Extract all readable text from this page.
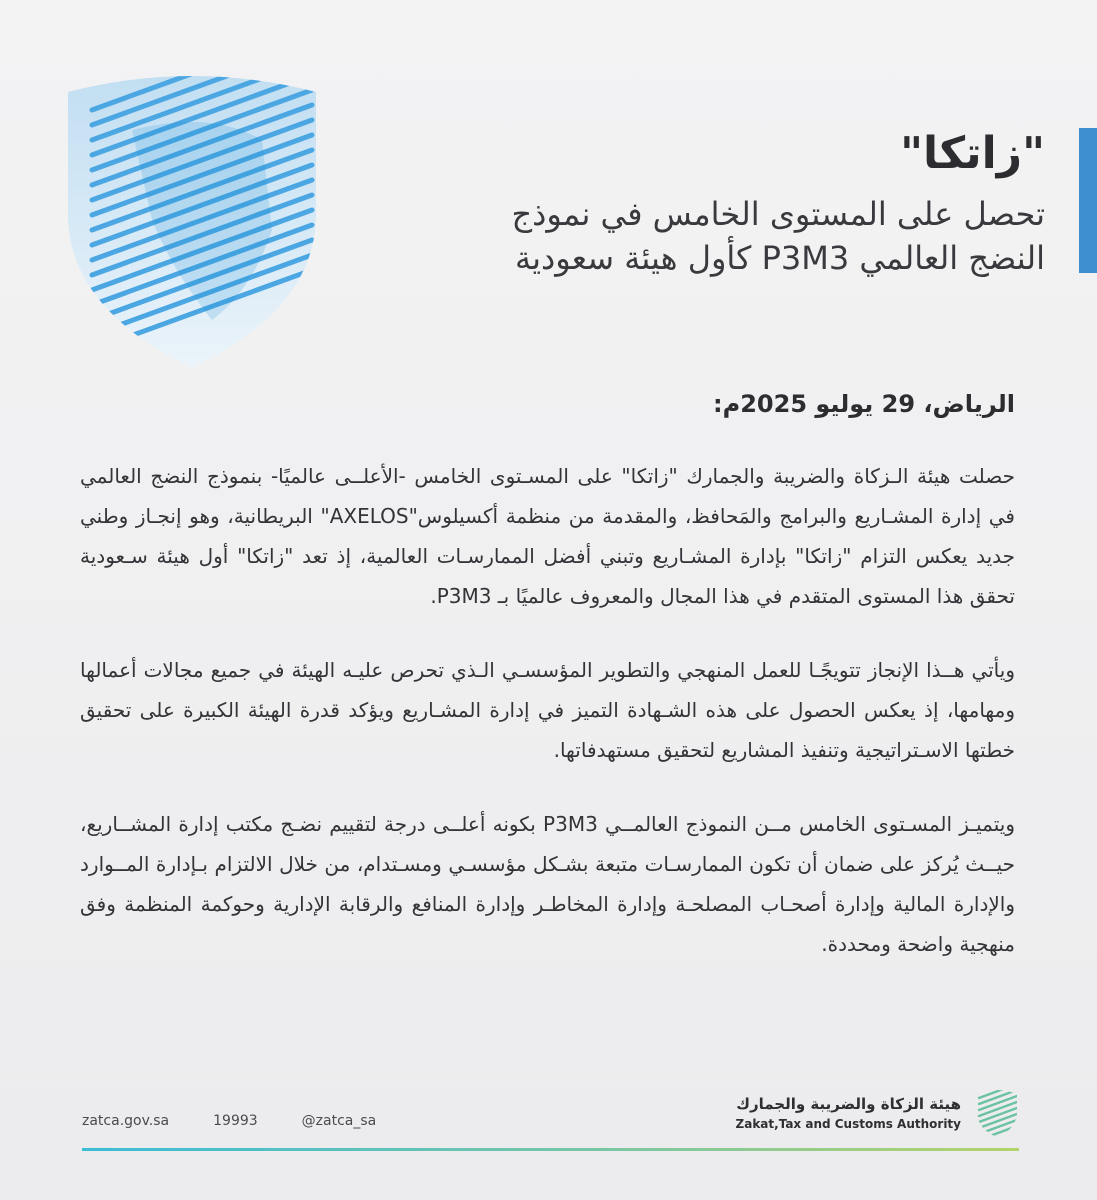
"زاتكا"

تحصل على المستوى الخامس في نموذج

النضج العالمي P3M3 كأول هيئة سعودية

الرياض، 29 يوليو 2025م:

حصلت هيئة الـزكاة والضريبة والجمارك "زاتكا" على المسـتوى الخامس -الأعلــى عالميًا- بنموذج النضج العالمي في إدارة المشـاريع والبرامج والمَحافظ، والمقدمة من منظمة أكسيلوس"AXELOS" البريطانية، وهو إنجـاز وطني جديد يعكس التزام "زاتكا" بإدارة المشـاريع وتبني أفضل الممارسـات العالمية، إذ تعد "زاتكا" أول هيئة سـعودية تحقق هذا المستوى المتقدم في هذا المجال والمعروف عالميًا بـ P3M3.

ويأتي هــذا الإنجاز تتويجًـا للعمل المنهجي والتطوير المؤسسـي الـذي تحرص عليـه الهيئة في جميع مجالات أعمالها ومهامها، إذ يعكس الحصول على هذه الشـهادة التميز في إدارة المشـاريع ويؤكد قدرة الهيئة الكبيرة على تحقيق خطتها الاسـتراتيجية وتنفيذ المشاريع لتحقيق مستهدفاتها.

ويتميـز المسـتوى الخامس مــن النموذج العالمــي P3M3 بكونه أعلــى درجة لتقييم نضـج مكتب إدارة المشــاريع، حيــث يُركز على ضمان أن تكون الممارسـات متبعة بشـكل مؤسسـي ومسـتدام، من خلال الالتزام بـإدارة المــوارد والإدارة المالية وإدارة أصحـاب المصلحـة وإدارة المخاطـر وإدارة المنافع والرقابة الإدارية وحوكمة المنظمة وفق منهجية واضحة ومحددة.

zatca.gov.sa	19993	@zatca_sa
هيئة الزكاة والضريبة والجمارك
Zakat,Tax and Customs Authority
